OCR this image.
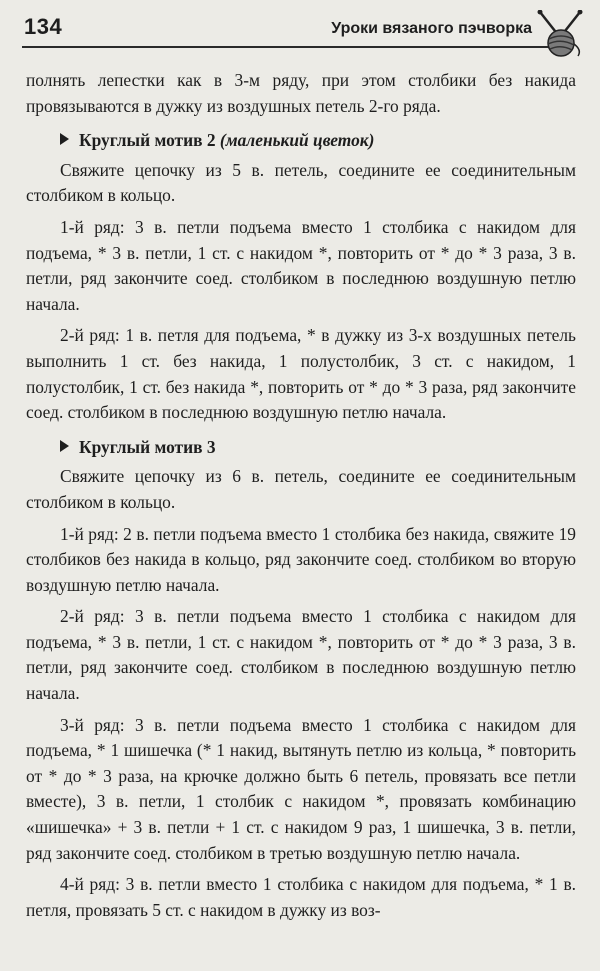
134	Уроки вязаного пэчворка

полнять лепестки как в 3-м ряду, при этом столбики без накида провязываются в дужку из воздушных петель 2-го ряда.

Круглый мотив 2 (маленький цветок)

Свяжите цепочку из 5 в. петель, соедините ее соединительным столбиком в кольцо.

1-й ряд: 3 в. петли подъема вместо 1 столбика с накидом для подъема, * 3 в. петли, 1 ст. с накидом *, повторить от * до * 3 раза, 3 в. петли, ряд закончите соед. столбиком в последнюю воздушную петлю начала.

2-й ряд: 1 в. петля для подъема, * в дужку из 3-х воздушных петель выполнить 1 ст. без накида, 1 полустолбик, 3 ст. с накидом, 1 полустолбик, 1 ст. без накида *, повторить от * до * 3 раза, ряд закончите соед. столбиком в последнюю воздушную петлю начала.

Круглый мотив 3

Свяжите цепочку из 6 в. петель, соедините ее соединительным столбиком в кольцо.

1-й ряд: 2 в. петли подъема вместо 1 столбика без накида, свяжите 19 столбиков без накида в кольцо, ряд закончите соед. столбиком во вторую воздушную петлю начала.

2-й ряд: 3 в. петли подъема вместо 1 столбика с накидом для подъема, * 3 в. петли, 1 ст. с накидом *, повторить от * до * 3 раза, 3 в. петли, ряд закончите соед. столбиком в последнюю воздушную петлю начала.

3-й ряд: 3 в. петли подъема вместо 1 столбика с накидом для подъема, * 1 шишечка (* 1 накид, вытянуть петлю из кольца, * повторить от * до * 3 раза, на крючке должно быть 6 петель, провязать все петли вместе), 3 в. петли, 1 столбик с накидом *, провязать комбинацию «шишечка» + 3 в. петли + 1 ст. с накидом 9 раз, 1 шишечка, 3 в. петли, ряд закончите соед. столбиком в третью воздушную петлю начала.

4-й ряд: 3 в. петли вместо 1 столбика с накидом для подъема, * 1 в. петля, провязать 5 ст. с накидом в дужку из воз-
